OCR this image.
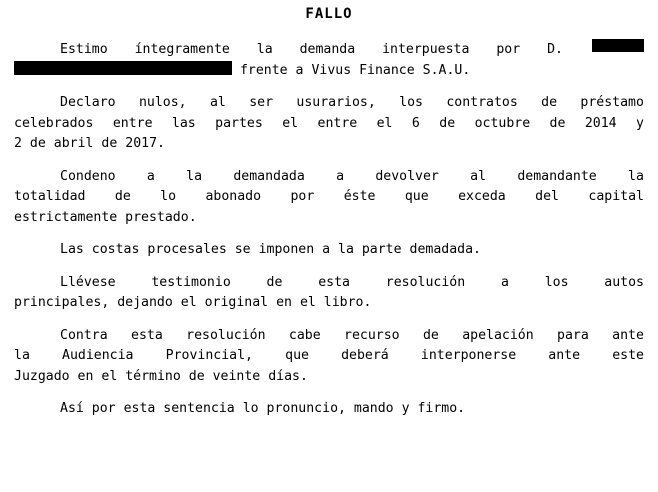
FALLO
Estimo íntegramente la demanda interpuesta por D.
frente a Vivus Finance S.A.U.
Declaro nulos, al ser usurarios, los contratos de préstamo
celebrados entre las partes el entre el 6 de octubre de 2014 y
2 de abril de 2017.
Condeno a la demandada a devolver al demandante la
totalidad de lo abonado por éste que exceda del capital
estrictamente prestado.
Las costas procesales se imponen a la parte demadada.
Llévese	testimonio	de	esta	resolución	a	los	autos
principales, dejando el original en el libro.
Contra esta resolución cabe recurso de apelación para ante
la Audiencia Provincial, que deberá interponerse ante este
Juzgado en el término de veinte días.
Así por esta sentencia lo pronuncio, mando y firmo.
